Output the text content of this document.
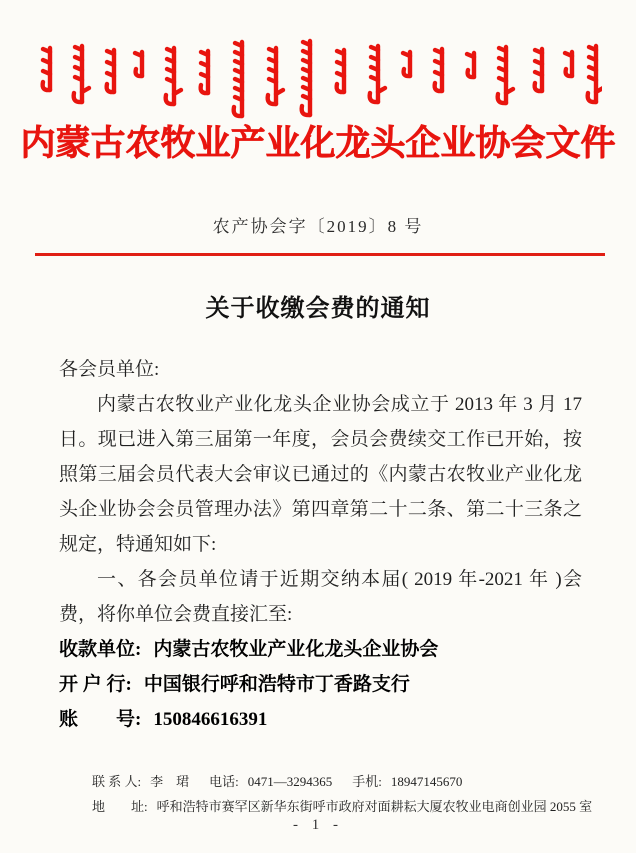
内蒙古农牧业产业化龙头企业协会文件
农产协会字〔2019〕8 号
关于收缴会费的通知

各会员单位:

内蒙古农牧业产业化龙头企业协会成立于 2013 年 3 月 17 日。现已进入第三届第一年度，会员会费续交工作已开始，按照第三届会员代表大会审议已通过的《内蒙古农牧业产业化龙头企业协会会员管理办法》第四章第二十二条、第二十三条之规定，特通知如下:

一、各会员单位请于近期交纳本届( 2019 年-2021 年 )会费，将你单位会费直接汇至:

收款单位: 内蒙古农牧业产业化龙头企业协会

开 户 行: 中国银行呼和浩特市丁香路支行

账　　号: 150846616391

联 系 人: 李　珺 电话: 0471—3294365 手机: 18947145670
地　　址: 呼和浩特市赛罕区新华东街呼市政府对面耕耘大厦农牧业电商创业园 2055 室
- 1 -
